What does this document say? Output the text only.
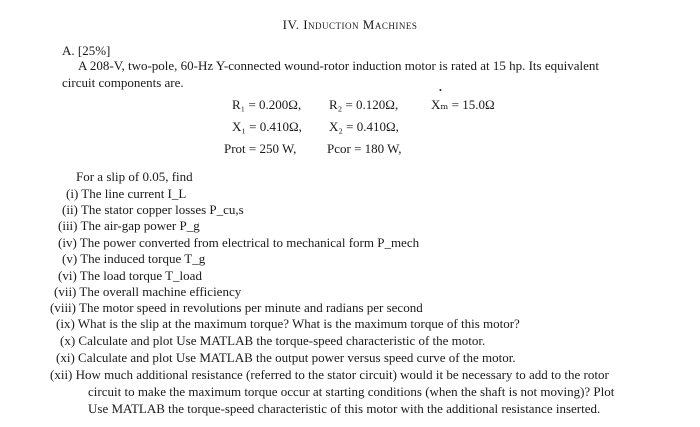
IV. Induction Machines
A. [25%]
A 208-V, two-pole, 60-Hz Y-connected wound-rotor induction motor is rated at 15 hp. Its equivalent
circuit components are.
•
R₁ = 0.200Ω, R₂ = 0.120Ω,	Xₘ = 15.0Ω
X₁ = 0.410Ω, X₂ = 0.410Ω,
Prot = 250 W, Pcor = 180 W,
For a slip of 0.05, find
(i) The line current I_L
(ii) The stator copper losses P_cu,s
(iii) The air-gap power P_g
(iv) The power converted from electrical to mechanical form P_mech
(v) The induced torque T_g
(vi) The load torque T_load
(vii) The overall machine efficiency
(viii) The motor speed in revolutions per minute and radians per second
(ix) What is the slip at the maximum torque? What is the maximum torque of this motor?
(x) Calculate and plot Use MATLAB the torque-speed characteristic of the motor.
(xi) Calculate and plot Use MATLAB the output power versus speed curve of the motor.
(xii) How much additional resistance (referred to the stator circuit) would it be necessary to add to the rotor
circuit to make the maximum torque occur at starting conditions (when the shaft is not moving)? Plot
Use MATLAB the torque-speed characteristic of this motor with the additional resistance inserted.
